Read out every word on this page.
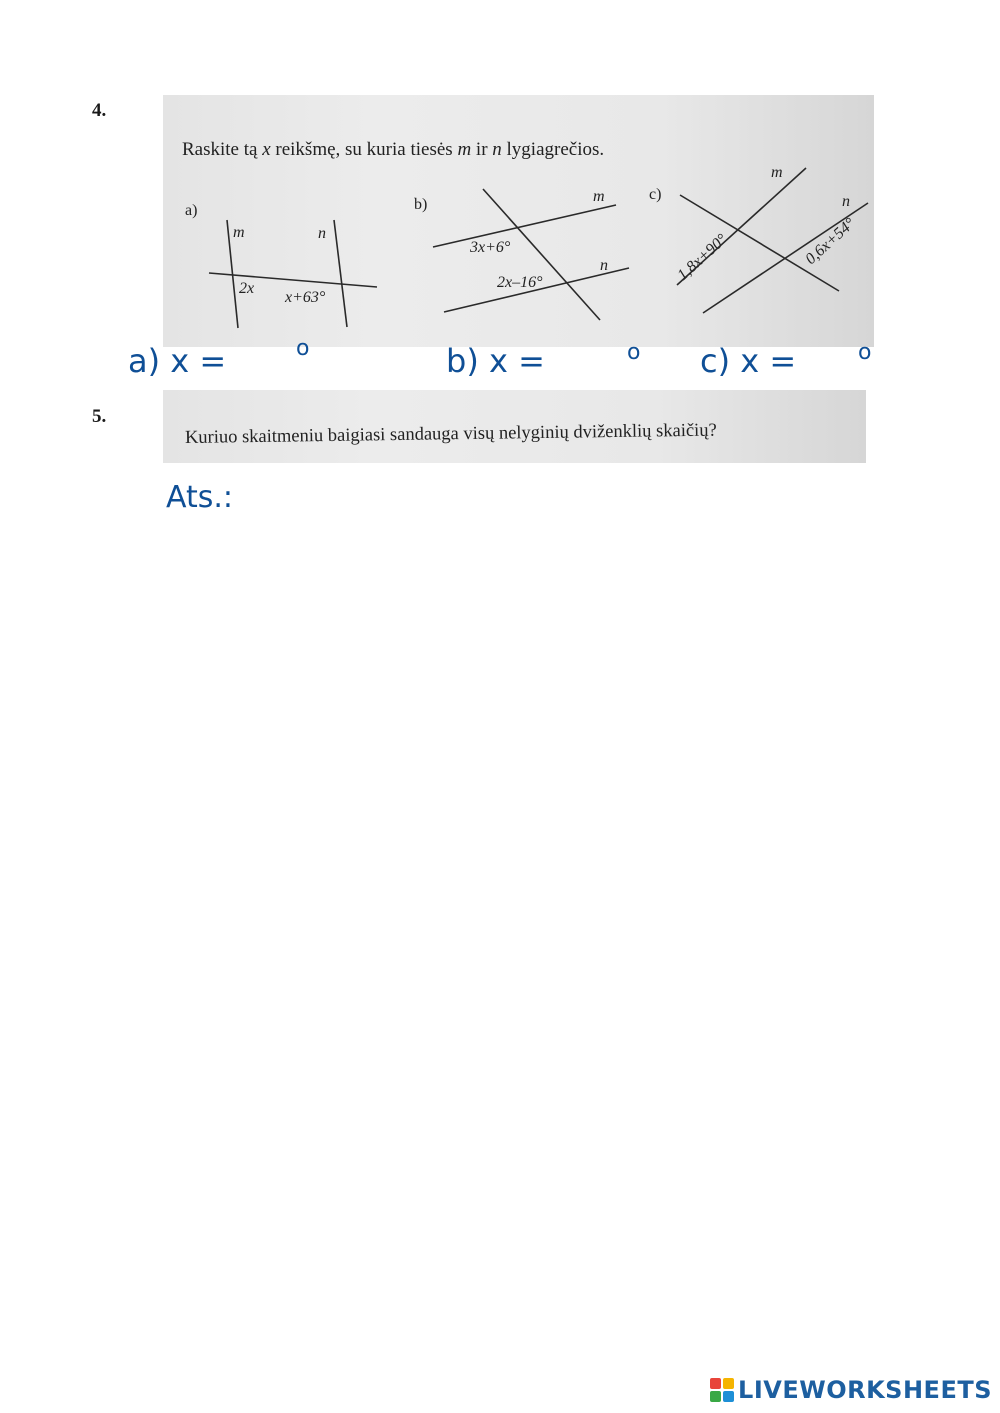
4.
Raskite tą x reikšmę, su kuria tiesės m ir n lygiagrečios.
a)
m	n
2x
x+63°
b)	m
n
3x+6°
2x–16°
c)
m
n
1,8x+90°	0,6x+54°
a) x =	o	b) x =	o c) x =	o
5.
Kuriuo skaitmeniu baigiasi sandauga visų nelyginių dviženklių skaičių?
Ats.:
LIVEWORKSHEETS
